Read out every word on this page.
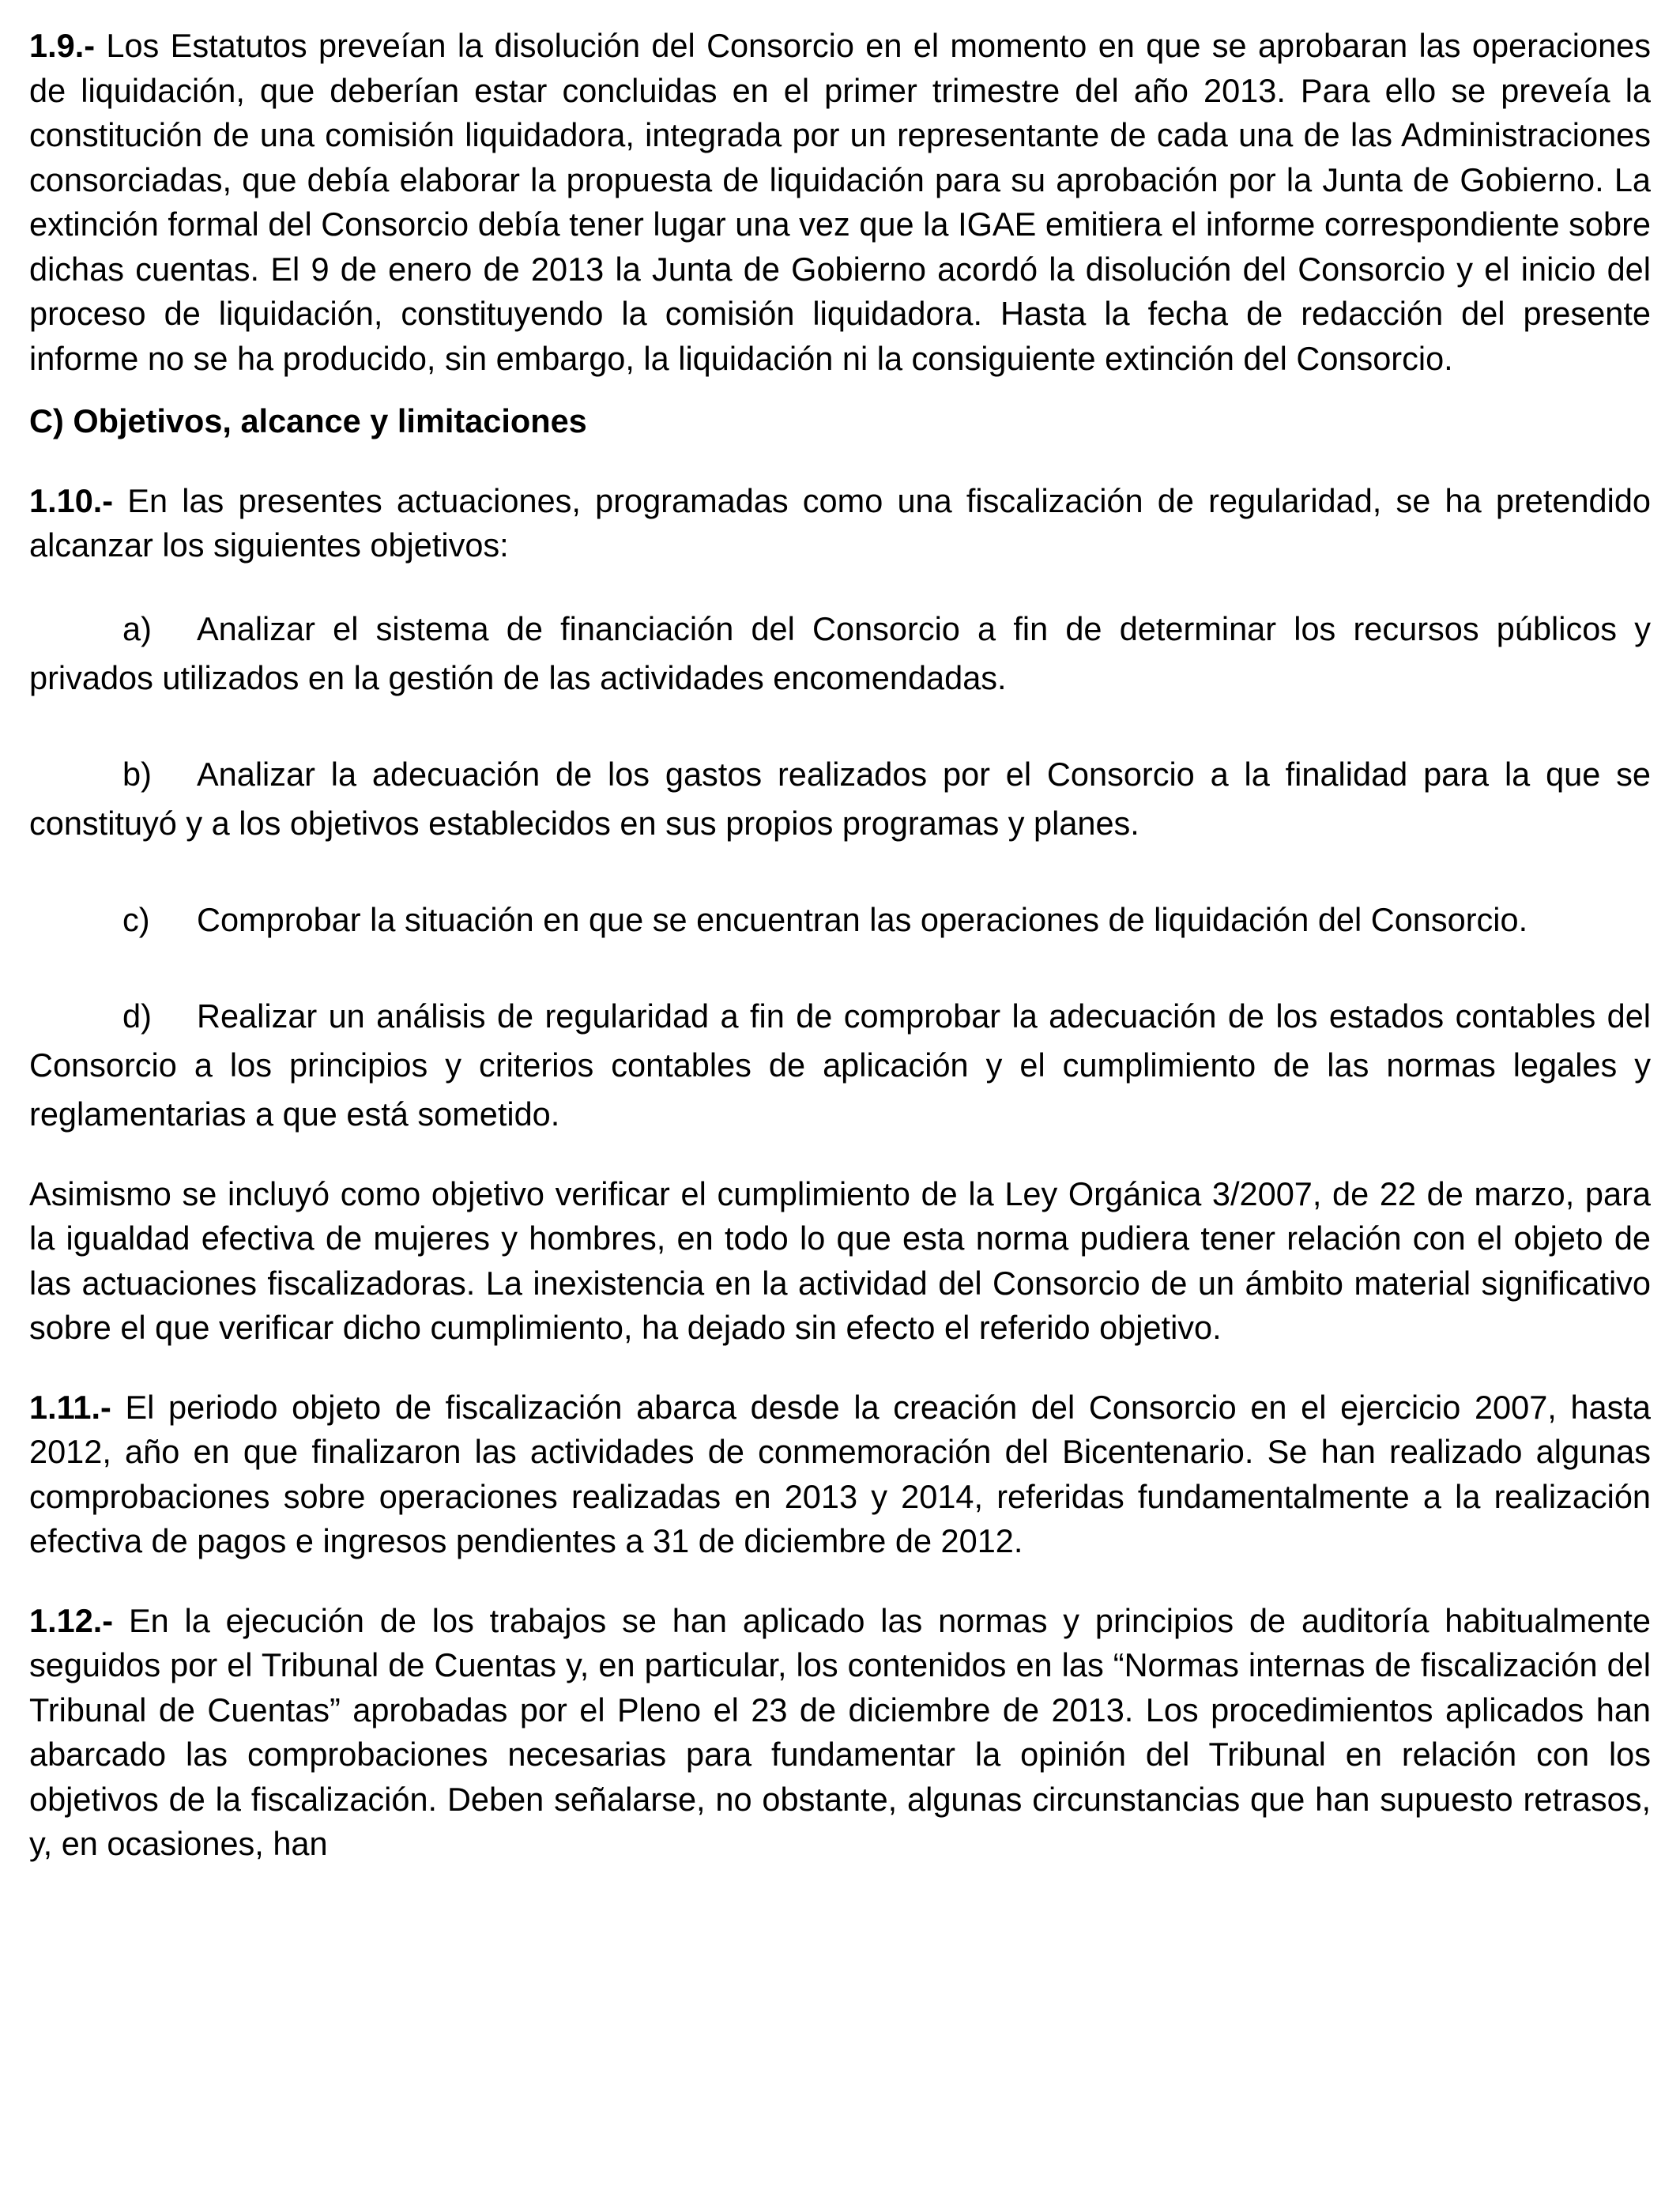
1.9.- Los Estatutos preveían la disolución del Consorcio en el momento en que se aprobaran las operaciones de liquidación, que deberían estar concluidas en el primer trimestre del año 2013. Para ello se preveía la constitución de una comisión liquidadora, integrada por un representante de cada una de las Administraciones consorciadas, que debía elaborar la propuesta de liquidación para su aprobación por la Junta de Gobierno. La extinción formal del Consorcio debía tener lugar una vez que la IGAE emitiera el informe correspondiente sobre dichas cuentas. El 9 de enero de 2013 la Junta de Gobierno acordó la disolución del Consorcio y el inicio del proceso de liquidación, constituyendo la comisión liquidadora. Hasta la fecha de redacción del presente informe no se ha producido, sin embargo, la liquidación ni la consiguiente extinción del Consorcio.

C) Objetivos, alcance y limitaciones

1.10.- En las presentes actuaciones, programadas como una fiscalización de regularidad, se ha pretendido alcanzar los siguientes objetivos:

a) Analizar el sistema de financiación del Consorcio a fin de determinar los recursos públicos y privados utilizados en la gestión de las actividades encomendadas.

b) Analizar la adecuación de los gastos realizados por el Consorcio a la finalidad para la que se constituyó y a los objetivos establecidos en sus propios programas y planes.

c) Comprobar la situación en que se encuentran las operaciones de liquidación del Consorcio.

d) Realizar un análisis de regularidad a fin de comprobar la adecuación de los estados contables del Consorcio a los principios y criterios contables de aplicación y el cumplimiento de las normas legales y reglamentarias a que está sometido.

Asimismo se incluyó como objetivo verificar el cumplimiento de la Ley Orgánica 3/2007, de 22 de marzo, para la igualdad efectiva de mujeres y hombres, en todo lo que esta norma pudiera tener relación con el objeto de las actuaciones fiscalizadoras. La inexistencia en la actividad del Consorcio de un ámbito material significativo sobre el que verificar dicho cumplimiento, ha dejado sin efecto el referido objetivo.

1.11.- El periodo objeto de fiscalización abarca desde la creación del Consorcio en el ejercicio 2007, hasta 2012, año en que finalizaron las actividades de conmemoración del Bicentenario. Se han realizado algunas comprobaciones sobre operaciones realizadas en 2013 y 2014, referidas fundamentalmente a la realización efectiva de pagos e ingresos pendientes a 31 de diciembre de 2012.

1.12.- En la ejecución de los trabajos se han aplicado las normas y principios de auditoría habitualmente seguidos por el Tribunal de Cuentas y, en particular, los contenidos en las “Normas internas de fiscalización del Tribunal de Cuentas” aprobadas por el Pleno el 23 de diciembre de 2013. Los procedimientos aplicados han abarcado las comprobaciones necesarias para fundamentar la opinión del Tribunal en relación con los objetivos de la fiscalización. Deben señalarse, no obstante, algunas circunstancias que han supuesto retrasos, y, en ocasiones, han
